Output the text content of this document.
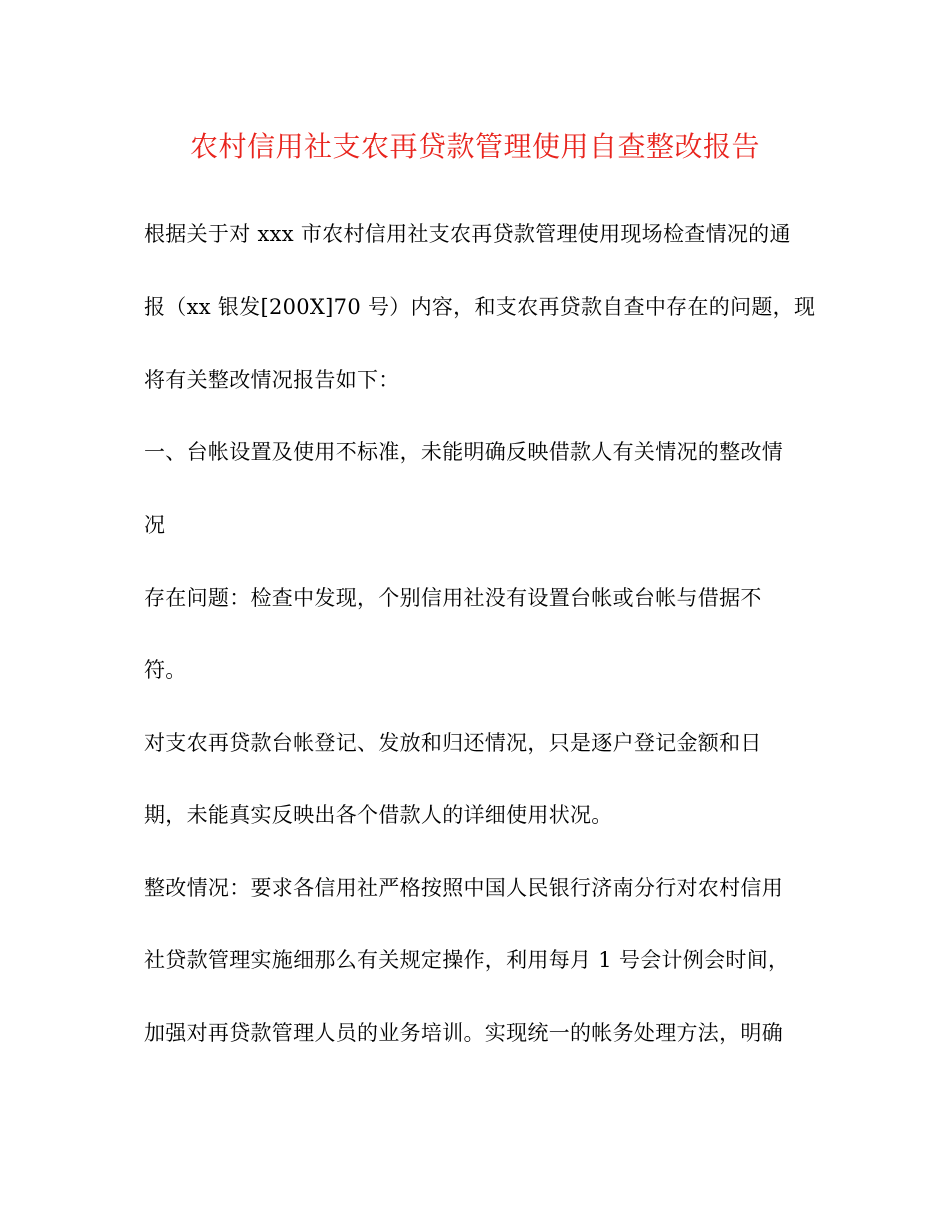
农村信用社支农再贷款管理使用自查整改报告
根据关于对 xxx 市农村信用社支农再贷款管理使用现场检查情况的通
报（xx 银发[200X]70 号）内容，和支农再贷款自查中存在的问题，现
将有关整改情况报告如下：
一、台帐设置及使用不标准，未能明确反映借款人有关情况的整改情
况
存在问题：检查中发现，个别信用社没有设置台帐或台帐与借据不
符。
对支农再贷款台帐登记、发放和归还情况，只是逐户登记金额和日
期，未能真实反映出各个借款人的详细使用状况。
整改情况：要求各信用社严格按照中国人民银行济南分行对农村信用
社贷款管理实施细那么有关规定操作，利用每月 1 号会计例会时间，
加强对再贷款管理人员的业务培训。实现统一的帐务处理方法，明确
